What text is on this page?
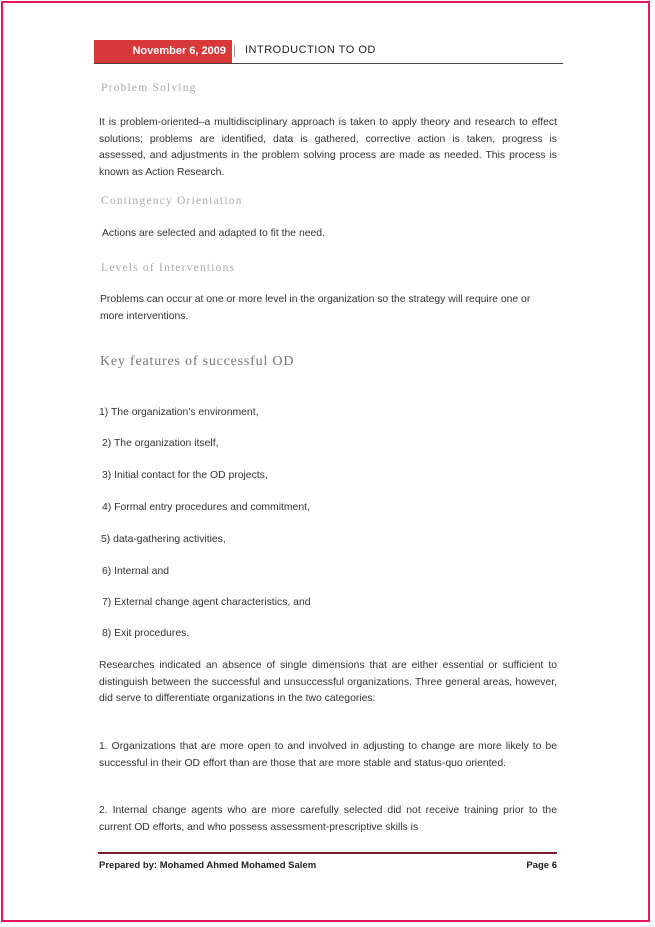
November 6, 2009	INTRODUCTION TO OD
Problem Solving

It is problem-oriented–a multidisciplinary approach is taken to apply theory and research to effect solutions; problems are identified, data is gathered, corrective action is taken, progress is assessed, and adjustments in the problem solving process are made as needed. This process is known as Action Research.

Contingency Orientation

Actions are selected and adapted to fit the need.

Levels of Interventions

Problems can occur at one or more level in the organization so the strategy will require one or more interventions.

Key features of successful OD
1) The organization's environment,
2) The organization itself,
3) Initial contact for the OD projects,
4) Formal entry procedures and commitment,
5) data-gathering activities,
6) Internal and
7) External change agent characteristics, and
8) Exit procedures.

Researches indicated an absence of single dimensions that are either essential or sufficient to distinguish between the successful and unsuccessful organizations. Three general areas, however, did serve to differentiate organizations in the two categories:

1. Organizations that are more open to and involved in adjusting to change are more likely to be successful in their OD effort than are those that are more stable and status-quo oriented.

2. Internal change agents who are more carefully selected did not receive training prior to the current OD efforts, and who possess assessment-prescriptive skills is

Prepared by: Mohamed Ahmed Mohamed Salem	Page 6
